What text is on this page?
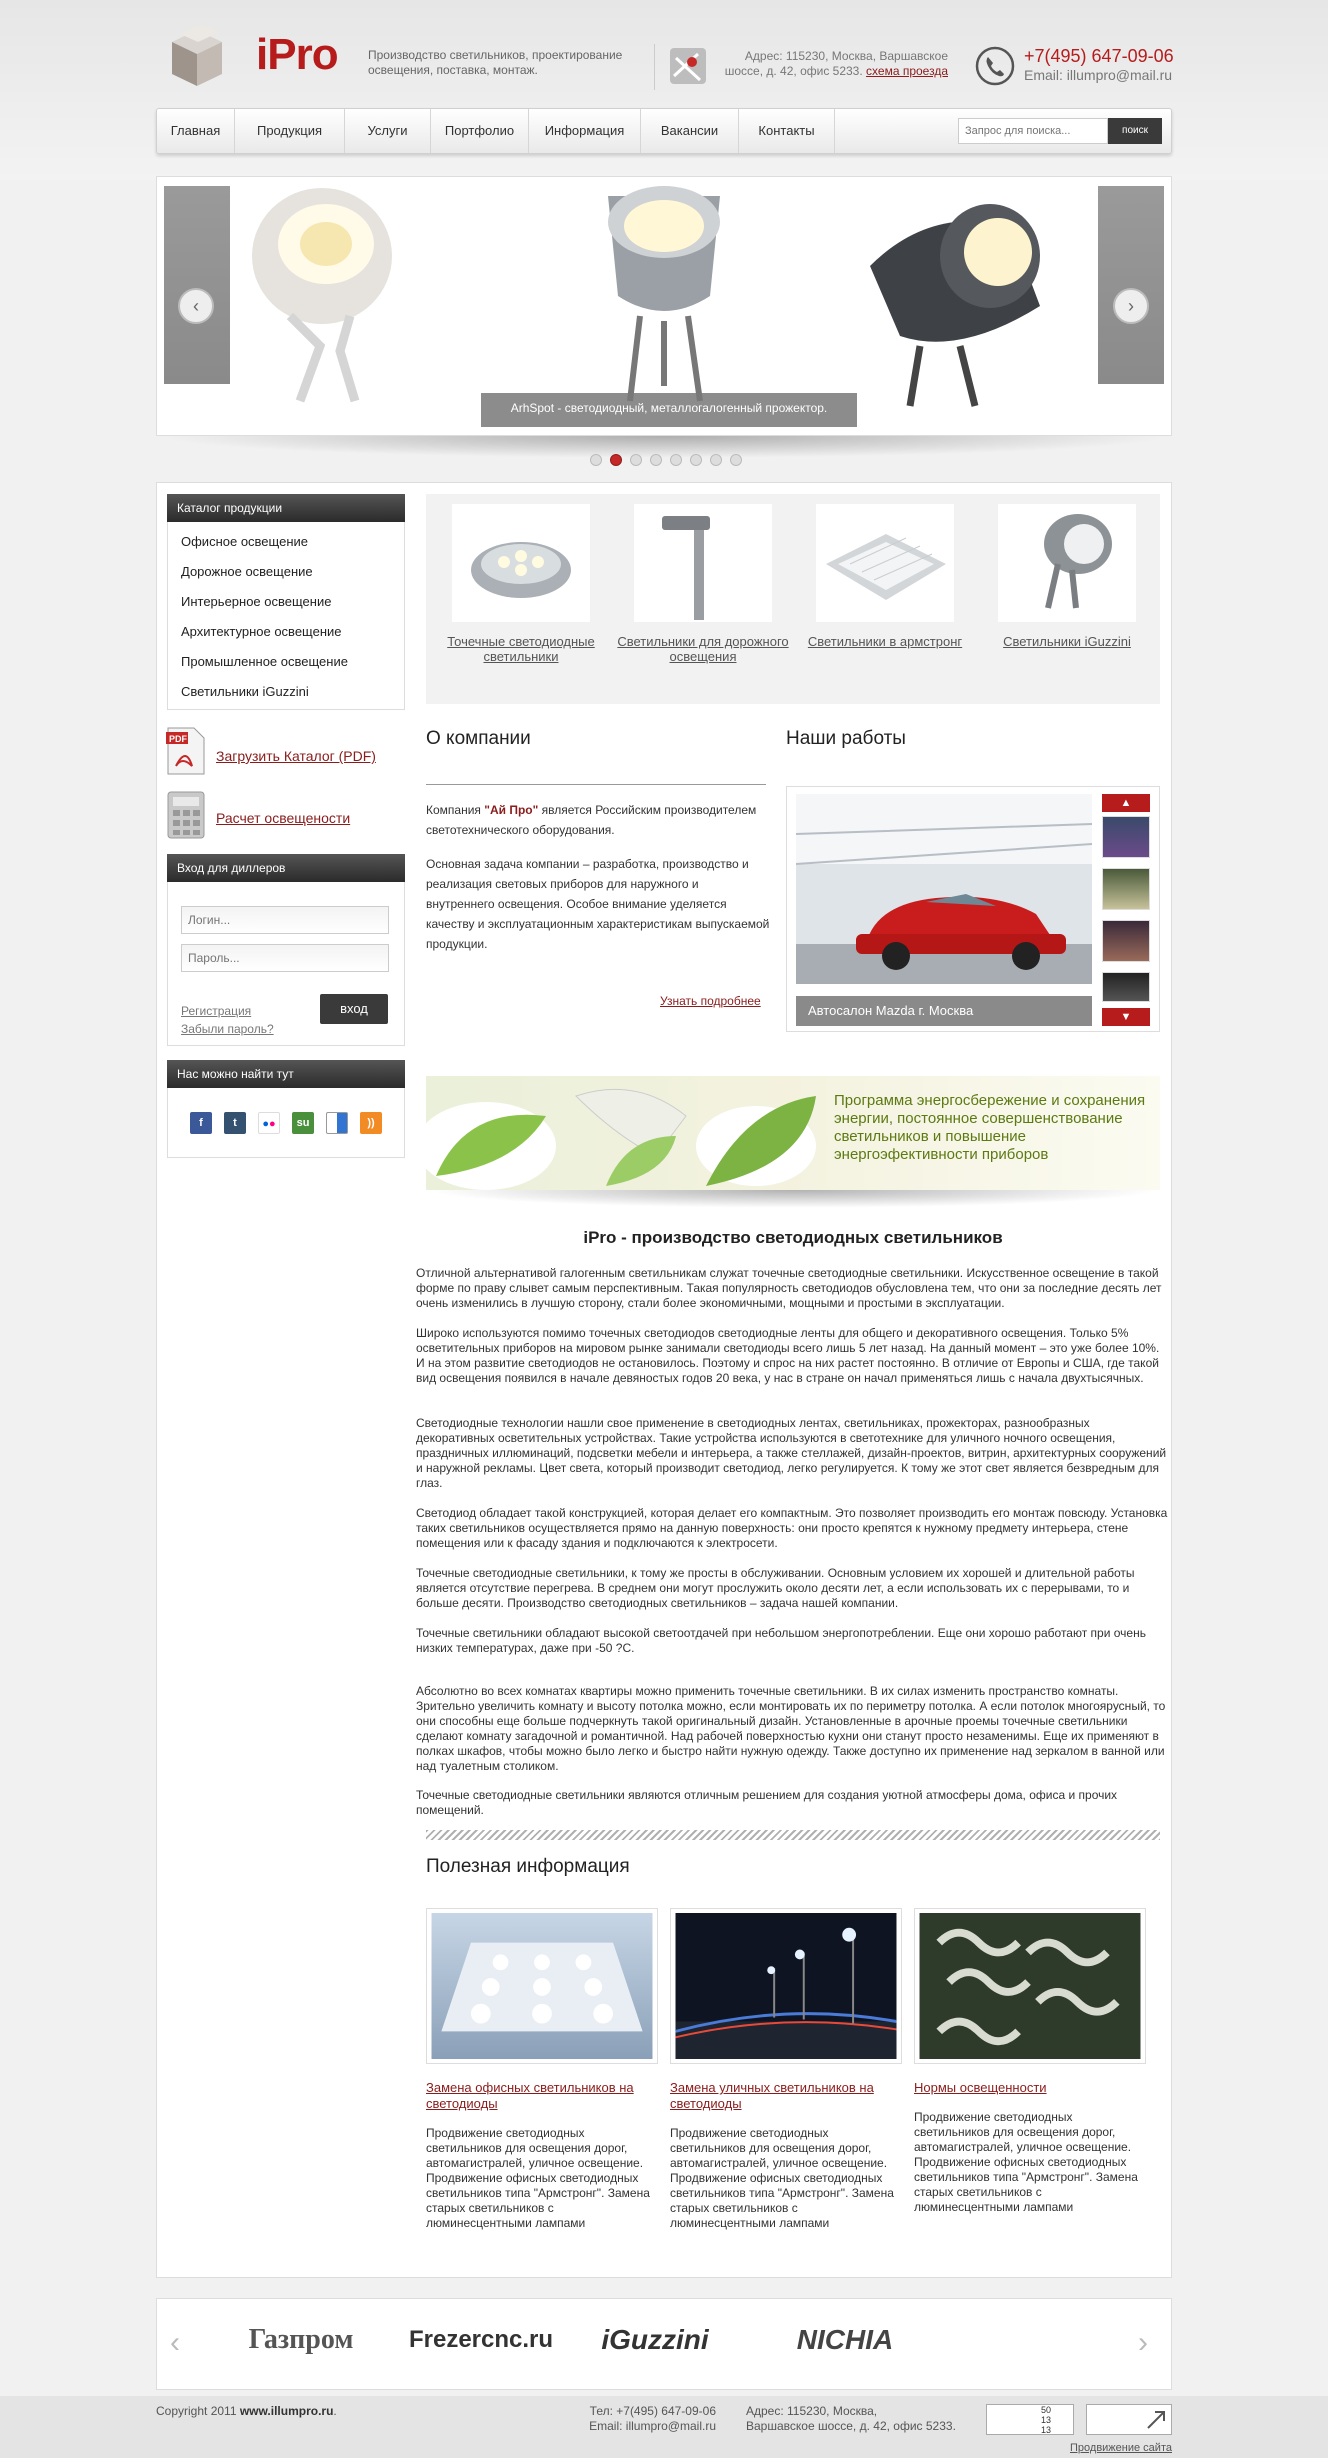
iPro	Производство светильников, проектирование освещения, поставка, монтаж.
Адрес: 115230, Москва, Варшавское шоссе, д. 42, офис 5233. схема проезда
+7(495) 647-09-06
Email: illumpro@mail.ru
Главная	Продукция	Услуги	Портфолио	Информация	Вакансии	Контакты
Запрос для поиска...	поиск
‹	›
ArhSpot - светодиодный, металлогалогенный прожектор.
Каталог продукции
Офисное освещение
Дорожное освещение
Интерьерное освещение
Архитектурное освещение
Промышленное освещение
Светильники iGuzzini
PDF
Загрузить Каталог (PDF)
Расчет освещености
Вход для диллеров
Логин...
Регистрация
Забыли пароль?
вход
Нас можно найти тут
f	t	●●	su	))
Точечные светодиодные светильники
Светильники для дорожного освещения
Светильники в армстронг	Светильники iGuzzini
О компании
Компания "Ай Про" является Российским производителем светотехнического оборудования.
Основная задача компании – разработка, производство и реализация световых приборов для наружного и внутреннего освещения. Особое внимание уделяется качеству и эксплуатационным характеристикам выпускаемой продукции.
Узнать подробнее
Наши работы
Автосалон Mazda г. Москва
▲
▼
Программа энергосбережение и сохранения энергии, постоянное совершенствование светильников и повышение энергоэфективности приборов
iPro - производство светодиодных светильников
Отличной альтернативой галогенным светильникам служат точечные светодиодные светильники. Искусственное освещение в такой форме по праву слывет самым перспективным. Такая популярность светодиодов обусловлена тем, что они за последние десять лет очень изменились в лучшую сторону, стали более экономичными, мощными и простыми в эксплуатации.
Широко используются помимо точечных светодиодов светодиодные ленты для общего и декоративного освещения. Только 5% осветительных приборов на мировом рынке занимали светодиоды всего лишь 5 лет назад. На данный момент – это уже более 10%. И на этом развитие светодиодов не остановилось. Поэтому и спрос на них растет постоянно. В отличие от Европы и США, где такой вид освещения появился в начале девяностых годов 20 века, у нас в стране он начал применяться лишь с начала двухтысячных.
Светодиодные технологии нашли свое применение в светодиодных лентах, светильниках, прожекторах, разнообразных декоративных осветительных устройствах. Такие устройства используются в светотехнике для уличного ночного освещения, праздничных иллюминаций, подсветки мебели и интерьера, а также стеллажей, дизайн-проектов, витрин, архитектурных сооружений и наружной рекламы. Цвет света, который производит светодиод, легко регулируется. К тому же этот свет является безвредным для глаз.
Светодиод обладает такой конструкцией, которая делает его компактным. Это позволяет производить его монтаж повсюду. Установка таких светильников осуществляется прямо на данную поверхность: они просто крепятся к нужному предмету интерьера, стене помещения или к фасаду здания и подключаются к электросети.
Точечные светодиодные светильники, к тому же просты в обслуживании. Основным условием их хорошей и длительной работы является отсутствие перегрева. В среднем они могут прослужить около десяти лет, а если использовать их с перерывами, то и больше десяти. Производство светодиодных светильников – задача нашей компании.
Точечные светильники обладают высокой светоотдачей при небольшом энергопотреблении. Еще они хорошо работают при очень низких температурах, даже при -50 ?С.
Абсолютно во всех комнатах квартиры можно применить точечные светильники. В их силах изменить пространство комнаты. Зрительно увеличить комнату и высоту потолка можно, если монтировать их по периметру потолка. А если потолок многоярусный, то они способны еще больше подчеркнуть такой оригинальный дизайн. Установленные в арочные проемы точечные светильники сделают комнату загадочной и романтичной. Над рабочей поверхностью кухни они станут просто незаменимы. Еще их применяют в полках шкафов, чтобы можно было легко и быстро найти нужную одежду. Также доступно их применение над зеркалом в ванной или над туалетным столиком.
Точечные светодиодные светильники являются отличным решением для создания уютной атмосферы дома, офиса и прочих помещений.
Полезная информация
Замена офисных светильников на светодиоды
Замена уличных светильников на светодиоды
Нормы освещенности
Продвижение светодиодных светильников для освещения дорог, автомагистралей, уличное освещение. Продвижение офисных светодиодных светильников типа "Армстронг". Замена старых светильников с люминесцентными лампами
Продвижение светодиодных светильников для освещения дорог, автомагистралей, уличное освещение. Продвижение офисных светодиодных светильников типа "Армстронг". Замена старых светильников с люминесцентными лампами
Продвижение светодиодных светильников для освещения дорог, автомагистралей, уличное освещение. Продвижение офисных светодиодных светильников типа "Армстронг". Замена старых светильников с люминесцентными лампами
‹	›
Газпром	Frezercnc.ru	iGuzzini	NICHIA
Copyright 2011 www.illumpro.ru.	Тел: +7(495) 647-09-06
Email: illumpro@mail.ru
Адрес: 115230, Москва,
Варшавское шоссе, д. 42, офис 5233.
50
13
13
Продвижение сайта
